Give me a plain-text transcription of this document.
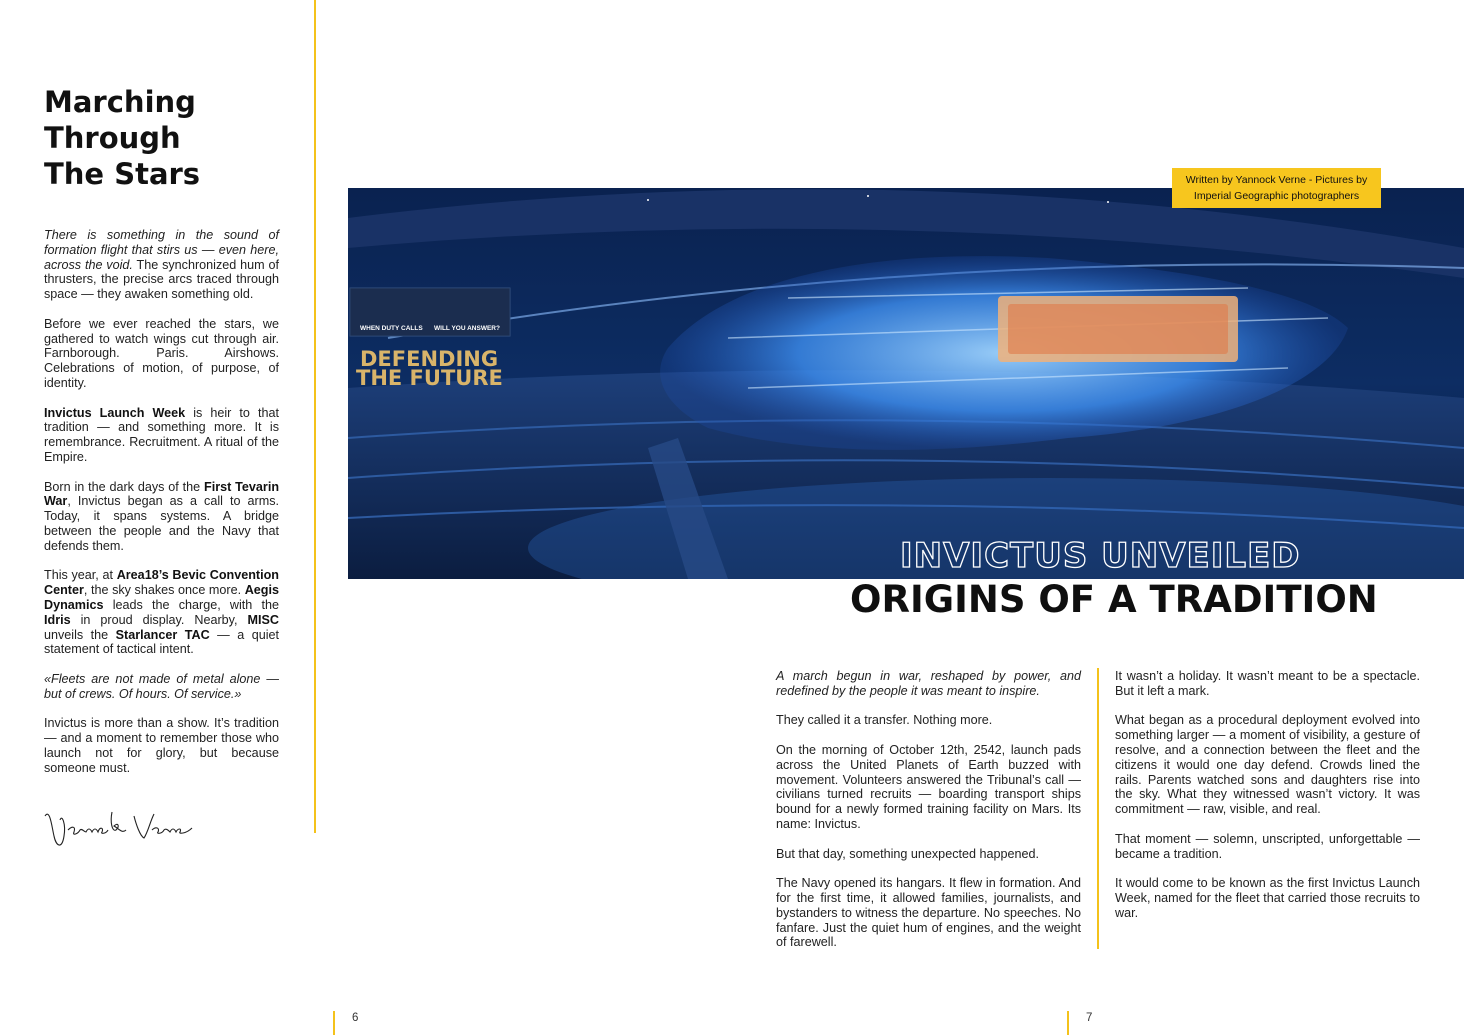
Marching
Through
The Stars

There is something in the sound of formation flight that stirs us — even here, across the void. The synchronized hum of thrusters, the precise arcs traced through space — they awaken something old.

Before we ever reached the stars, we gathered to watch wings cut through air. Farnborough. Paris. Airshows. Celebrations of motion, of purpose, of identity.

Invictus Launch Week is heir to that tradition — and something more. It is remembrance. Recruitment. A ritual of the Empire.

Born in the dark days of the First Tevarin War, Invictus began as a call to arms. Today, it spans systems. A bridge between the people and the Navy that defends them.

This year, at Area18’s Bevic Convention Center, the sky shakes once more. Aegis Dynamics leads the charge, with the Idris in proud display. Nearby, MISC unveils the Starlancer TAC — a quiet statement of tactical intent.

«Fleets are not made of metal alone — but of crews. Of hours. Of service.»

Invictus is more than a show. It’s tradition — and a moment to remember those who launch not for glory, but because someone must.

6
WHEN DUTY CALLS WILL YOU ANSWER?
DEFENDING
THE FUTURE
Written by Yannock Verne - Pictures by
Imperial Geographic photographers
INVICTUS UNVEILED
ORIGINS OF A TRADITION

A march begun in war, reshaped by power, and redefined by the people it was meant to inspire.

They called it a transfer. Nothing more.

On the morning of October 12th, 2542, launch pads across the United Planets of Earth buzzed with movement. Volunteers answered the Tribunal’s call — civilians turned recruits — boarding transport ships bound for a newly formed training facility on Mars. Its name: Invictus.

But that day, something unexpected happened.

The Navy opened its hangars. It flew in formation. And for the first time, it allowed families, journalists, and bystanders to witness the departure. No speeches. No fanfare. Just the quiet hum of engines, and the weight of farewell.

It wasn’t a holiday. It wasn’t meant to be a spectacle. But it left a mark.

What began as a procedural deployment evolved into something larger — a moment of visibility, a gesture of resolve, and a connection between the fleet and the citizens it would one day defend. Crowds lined the rails. Parents watched sons and daughters rise into the sky. What they witnessed wasn’t victory. It was commitment — raw, visible, and real.

That moment — solemn, unscripted, unforgettable — became a tradition.

It would come to be known as the first Invictus Launch Week, named for the fleet that carried those recruits to war.

7
